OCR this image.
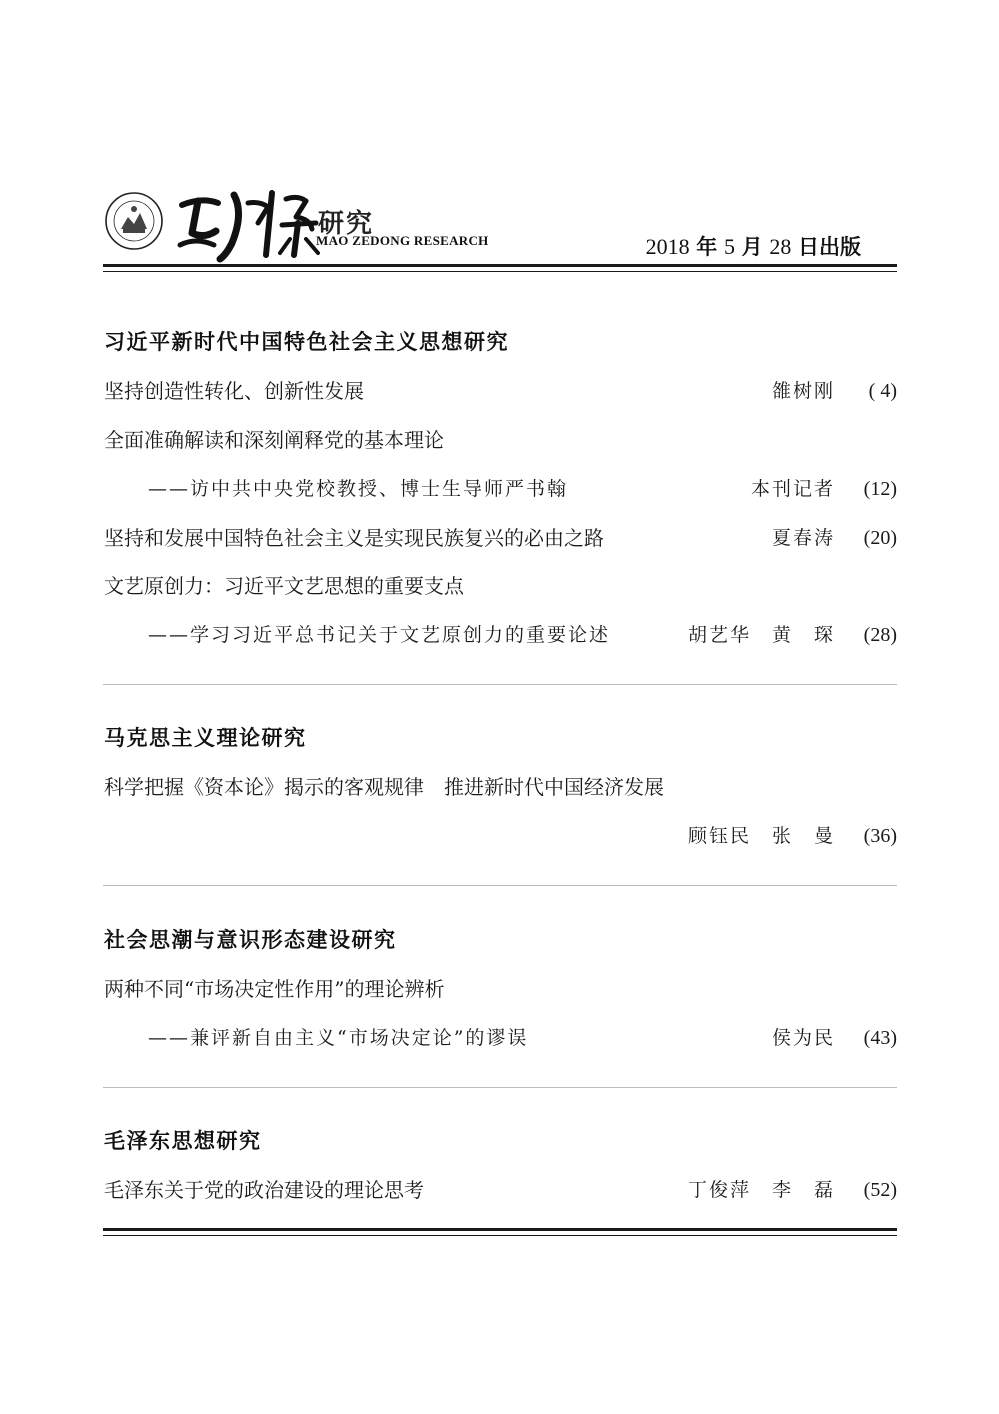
研究
MAO ZEDONG RESEARCH	2018 年 5 月 28 日出版
习近平新时代中国特色社会主义思想研究
坚持创造性转化、创新性发展	雒树刚 ( 4)
全面准确解读和深刻阐释党的基本理论
——访中共中央党校教授、博士生导师严书翰	本刊记者 (12)
坚持和发展中国特色社会主义是实现民族复兴的必由之路	夏春涛 (20)
文艺原创力：习近平文艺思想的重要支点
——学习习近平总书记关于文艺原创力的重要论述	胡艺华　黄　琛 (28)
马克思主义理论研究
科学把握《资本论》揭示的客观规律　推进新时代中国经济发展
顾钰民　张　曼 (36)
社会思潮与意识形态建设研究
两种不同“市场决定性作用”的理论辨析
——兼评新自由主义“市场决定论”的谬误	侯为民 (43)
毛泽东思想研究
毛泽东关于党的政治建设的理论思考	丁俊萍　李　磊 (52)
